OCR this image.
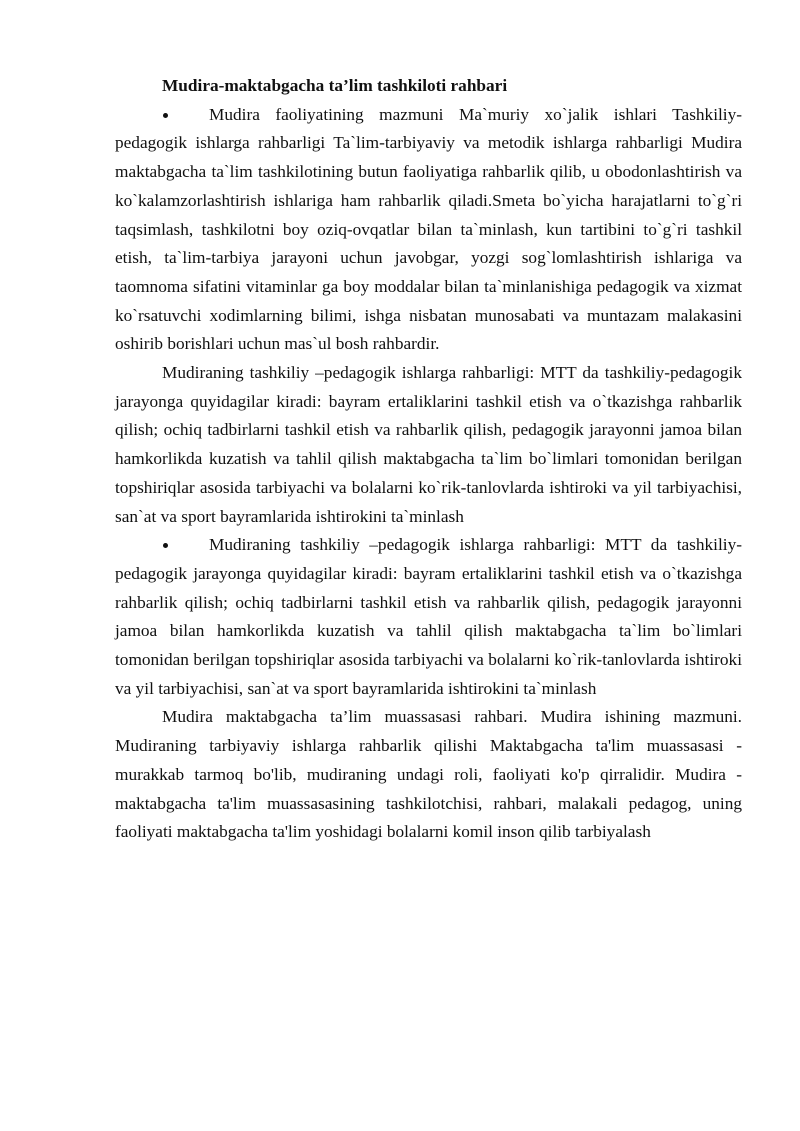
Mudira-maktabgacha ta’lim tashkiloti rahbari

Mudira faoliyatining mazmuni Ma`muriy xo`jalik ishlari Tashkiliy-pedagogik ishlarga rahbarligi Ta`lim-tarbiyaviy va metodik ishlarga rahbarligi Mudira maktabgacha ta`lim tashkilotining butun faoliyatiga rahbarlik qilib, u obodonlashtirish va ko`kalamzorlashtirish ishlariga ham rahbarlik qiladi.Smeta bo`yicha harajatlarni to`g`ri taqsimlash, tashkilotni boy oziq-ovqatlar bilan ta`minlash, kun tartibini to`g`ri tashkil etish, ta`lim-tarbiya jarayoni uchun javobgar, yozgi sog`lomlashtirish ishlariga va taomnoma sifatini vitaminlar ga boy moddalar bilan ta`minlanishiga pedagogik va xizmat ko`rsatuvchi xodimlarning bilimi, ishga nisbatan munosabati va muntazam malakasini oshirib borishlari uchun mas`ul bosh rahbardir.

Mudiraning tashkiliy –pedagogik ishlarga rahbarligi: MTT da tashkiliy-pedagogik jarayonga quyidagilar kiradi: bayram ertaliklarini tashkil etish va o`tkazishga rahbarlik qilish; ochiq tadbirlarni tashkil etish va rahbarlik qilish, pedagogik jarayonni jamoa bilan hamkorlikda kuzatish va tahlil qilish maktabgacha ta`lim bo`limlari tomonidan berilgan topshiriqlar asosida tarbiyachi va bolalarni ko`rik-tanlovlarda ishtiroki va yil tarbiyachisi, san`at va sport bayramlarida ishtirokini ta`minlash

Mudiraning tashkiliy –pedagogik ishlarga rahbarligi: MTT da tashkiliy-pedagogik jarayonga quyidagilar kiradi: bayram ertaliklarini tashkil etish va o`tkazishga rahbarlik qilish; ochiq tadbirlarni tashkil etish va rahbarlik qilish, pedagogik jarayonni jamoa bilan hamkorlikda kuzatish va tahlil qilish maktabgacha ta`lim bo`limlari tomonidan berilgan topshiriqlar asosida tarbiyachi va bolalarni ko`rik-tanlovlarda ishtiroki va yil tarbiyachisi, san`at va sport bayramlarida ishtirokini ta`minlash

Mudira maktabgacha ta’lim muassasasi rahbari. Mudira ishining mazmuni. Mudiraning tarbiyaviy ishlarga rahbarlik qilishi Maktabgacha ta'lim muassasasi - murakkab tarmoq bo'lib, mudiraning undagi roli, faoliyati ko'p qirralidir. Mudira - maktabgacha ta'lim muassasasining tashkilotchisi, rahbari, malakali pedagog, uning faoliyati maktabgacha ta'lim yoshidagi bolalarni komil inson qilib tarbiyalash
